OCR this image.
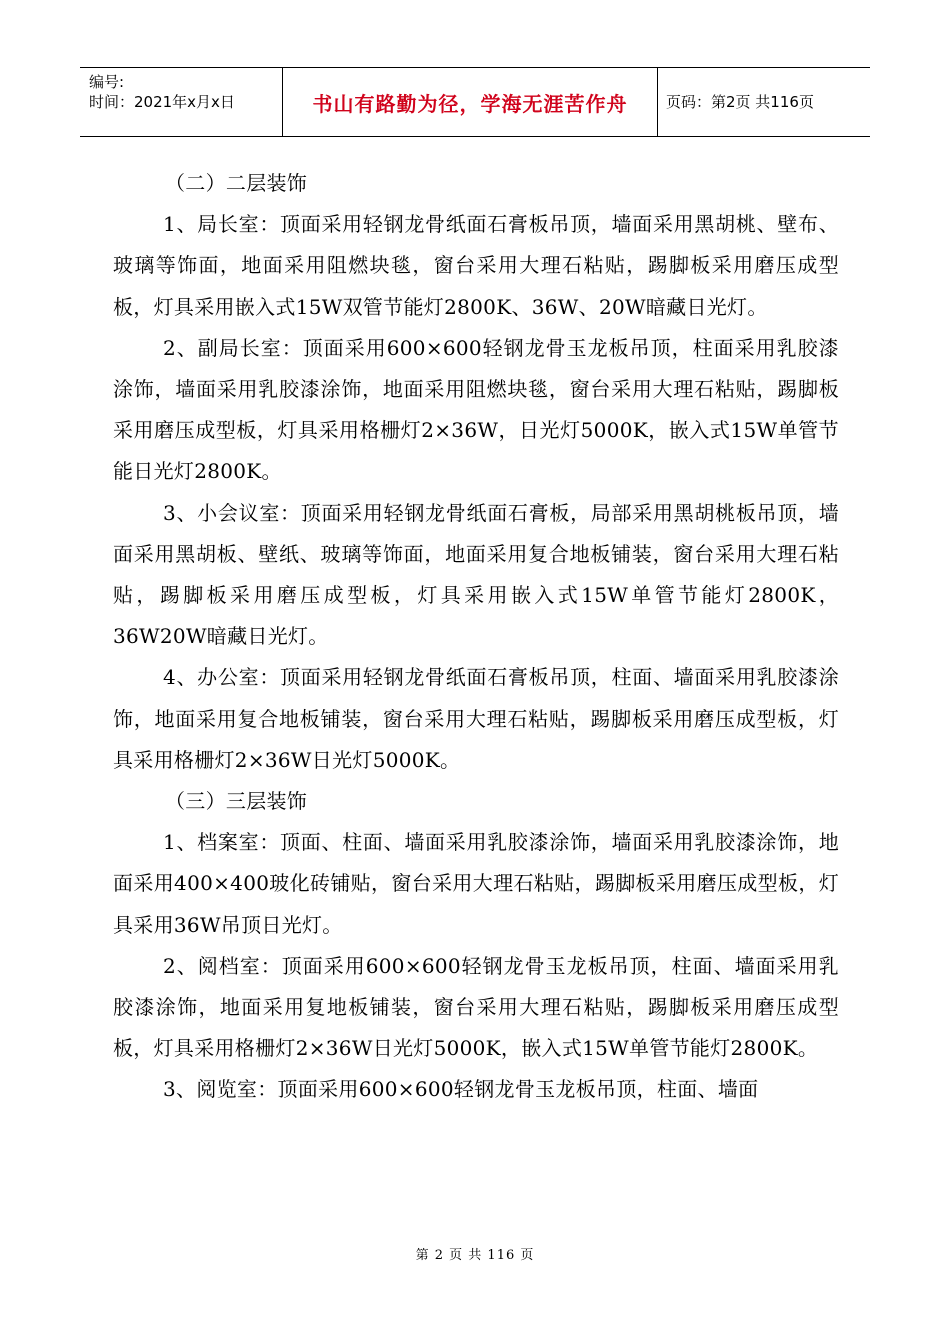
编号:
时间：2021年x月x日	书山有路勤为径，学海无涯苦作舟	页码：第2页 共116页

（二）二层装饰

1、局长室：顶面采用轻钢龙骨纸面石膏板吊顶，墙面采用黑胡桃、壁布、玻璃等饰面，地面采用阻燃块毯，窗台采用大理石粘贴，踢脚板采用磨压成型板，灯具采用嵌入式15W双管节能灯2800K、36W、20W暗藏日光灯。

2、副局长室：顶面采用600×600轻钢龙骨玉龙板吊顶，柱面采用乳胶漆涂饰，墙面采用乳胶漆涂饰，地面采用阻燃块毯，窗台采用大理石粘贴，踢脚板采用磨压成型板，灯具采用格栅灯2×36W，日光灯5000K，嵌入式15W单管节能日光灯2800K。

3、小会议室：顶面采用轻钢龙骨纸面石膏板，局部采用黑胡桃板吊顶，墙面采用黑胡板、壁纸、玻璃等饰面，地面采用复合地板铺装，窗台采用大理石粘贴，踢脚板采用磨压成型板，灯具采用嵌入式15W单管节能灯2800K，36W20W暗藏日光灯。

4、办公室：顶面采用轻钢龙骨纸面石膏板吊顶，柱面、墙面采用乳胶漆涂饰，地面采用复合地板铺装，窗台采用大理石粘贴，踢脚板采用磨压成型板，灯具采用格栅灯2×36W日光灯5000K。

（三）三层装饰

1、档案室：顶面、柱面、墙面采用乳胶漆涂饰，墙面采用乳胶漆涂饰，地面采用400×400玻化砖铺贴，窗台采用大理石粘贴，踢脚板采用磨压成型板，灯具采用36W吊顶日光灯。

2、阅档室：顶面采用600×600轻钢龙骨玉龙板吊顶，柱面、墙面采用乳胶漆涂饰，地面采用复地板铺装，窗台采用大理石粘贴，踢脚板采用磨压成型板，灯具采用格栅灯2×36W日光灯5000K，嵌入式15W单管节能灯2800K。

3、阅览室：顶面采用600×600轻钢龙骨玉龙板吊顶，柱面、墙面

第 2 页 共 116 页
